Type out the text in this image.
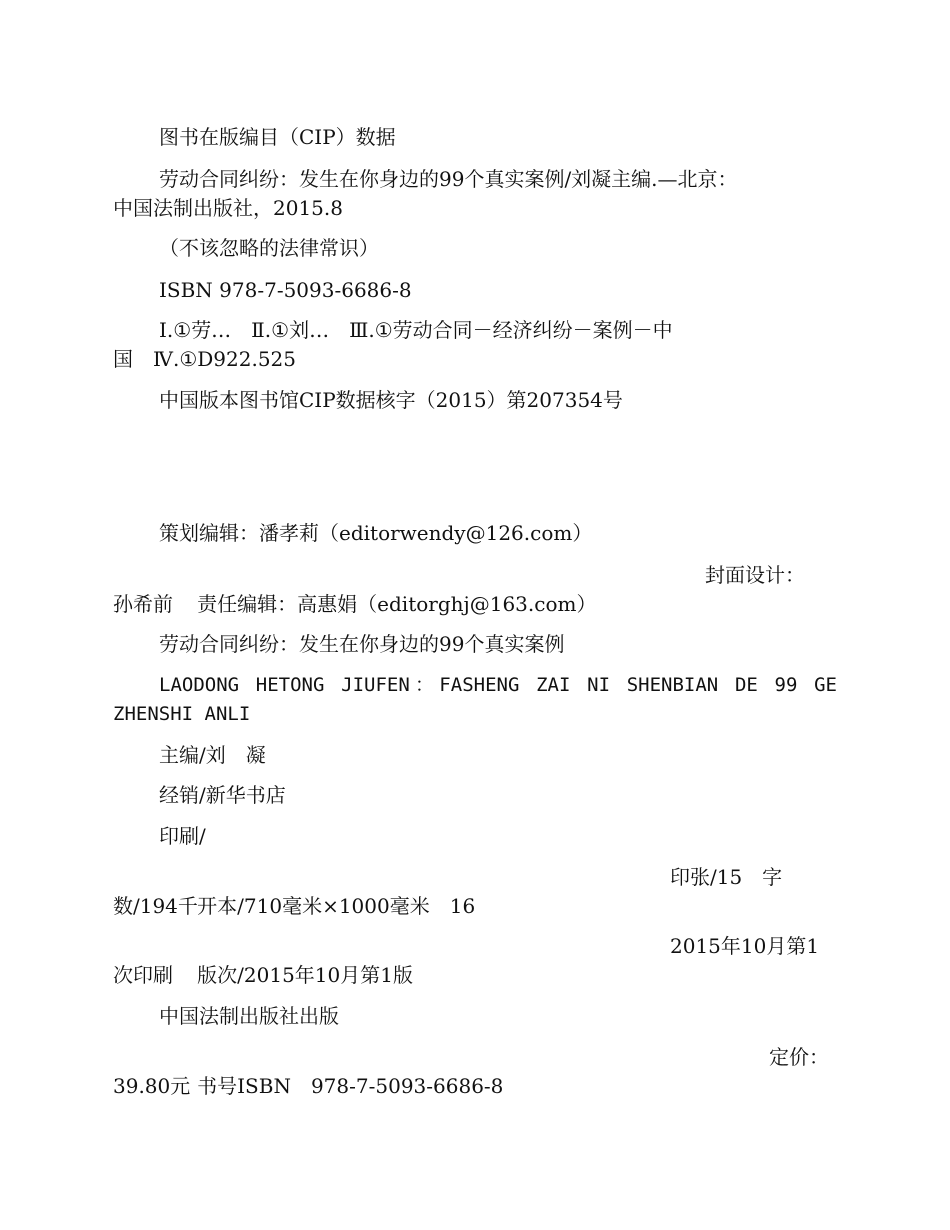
图书在版编目（CIP）数据
劳动合同纠纷：发生在你身边的99个真实案例/刘凝主编.—北京：
中国法制出版社，2015.8
（不该忽略的法律常识）
ISBN 978-7-5093-6686-8
Ⅰ.①劳…　Ⅱ.①刘…　Ⅲ.①劳动合同－经济纠纷－案例－中
国　Ⅳ.①D922.525
中国版本图书馆CIP数据核字（2015）第207354号
策划编辑：潘孝莉（editorwendy@126.com）

责任编辑：高惠娟（editorghj@163.com）

封面设计：

孙希前
劳动合同纠纷：发生在你身边的99个真实案例
LAODONG HETONG JIUFEN：FASHENG ZAI NI SHENBIAN DE 99 GE
ZHENSHI ANLI
主编/刘　凝
经销/新华书店
印刷/

开本/710毫米×1000毫米　16

印张/15　字

数/194千

版次/2015年10月第1版

2015年10月第1

次印刷
中国法制出版社出版

书号ISBN　978-7-5093-6686-8

定价：

39.80元
